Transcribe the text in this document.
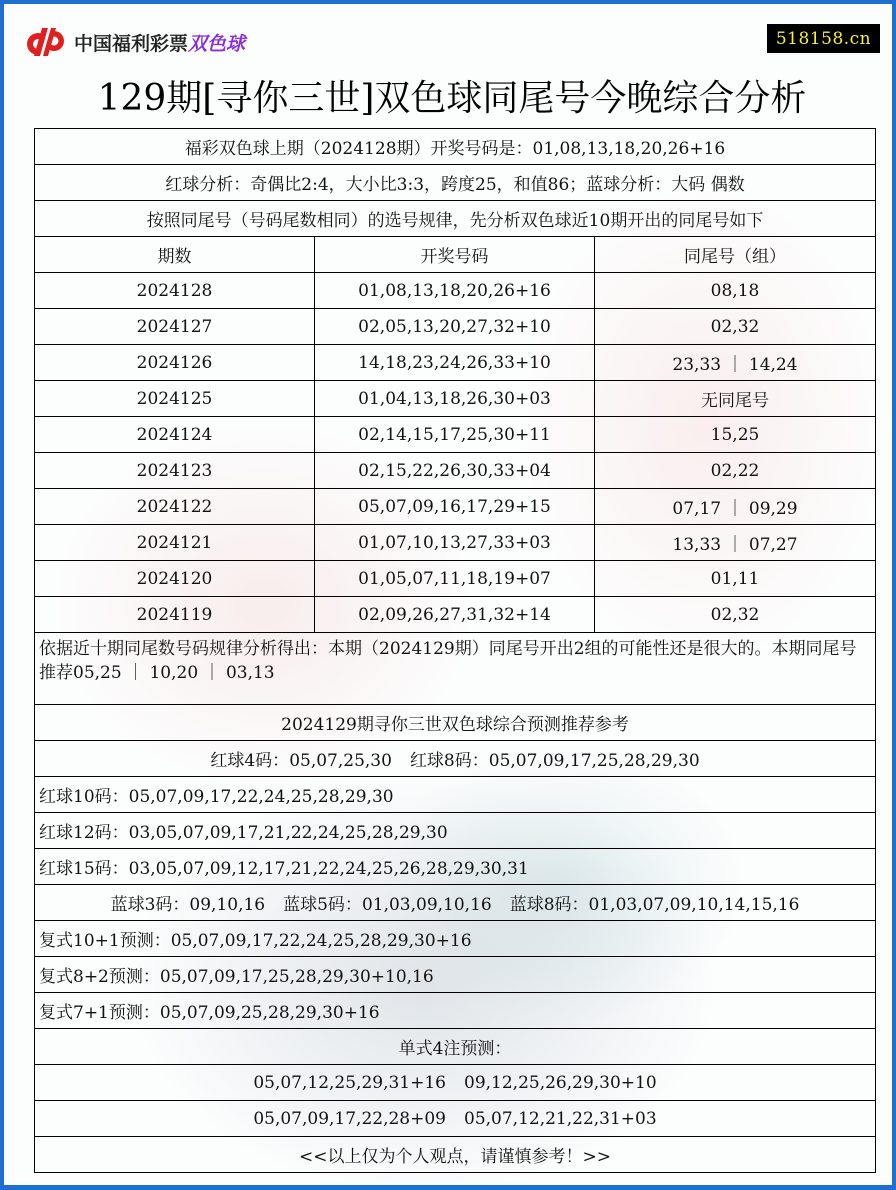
中国福利彩票 双色球	518158.cn
129期[寻你三世]双色球同尾号今晚综合分析
福彩双色球上期（2024128期）开奖号码是：01,08,13,18,20,26+16		
红球分析：奇偶比2:4，大小比3:3，跨度25，和值86；蓝球分析：大码 偶数		
按照同尾号（号码尾数相同）的选号规律，先分析双色球近10期开出的同尾号如下		
期数	开奖号码	同尾号（组）
2024128	01,08,13,18,20,26+16	08,18
2024127	02,05,13,20,27,32+10	02,32
2024126	14,18,23,24,26,33+10	23,33 ｜ 14,24
2024125	01,04,13,18,26,30+03	无同尾号
2024124	02,14,15,17,25,30+11	15,25
2024123	02,15,22,26,30,33+04	02,22
2024122	05,07,09,16,17,29+15	07,17 ｜ 09,29
2024121	01,07,10,13,27,33+03	13,33 ｜ 07,27
2024120	01,05,07,11,18,19+07	01,11
2024119	02,09,26,27,31,32+14	02,32
依据近十期同尾数号码规律分析得出：本期（2024129期）同尾号开出2组的可能性还是很大的。本期同尾号推荐05,25 ｜ 10,20 ｜ 03,13		
2024129期寻你三世双色球综合预测推荐参考		
红球4码：05,07,25,30 红球8码：05,07,09,17,25,28,29,30		
红球10码：05,07,09,17,22,24,25,28,29,30		
红球12码：03,05,07,09,17,21,22,24,25,28,29,30		
红球15码：03,05,07,09,12,17,21,22,24,25,26,28,29,30,31		
蓝球3码：09,10,16 蓝球5码：01,03,09,10,16 蓝球8码：01,03,07,09,10,14,15,16		
复式10+1预测：05,07,09,17,22,24,25,28,29,30+16		
复式8+2预测：05,07,09,17,25,28,29,30+10,16		
复式7+1预测：05,07,09,25,28,29,30+16		
单式4注预测：		
05,07,12,25,29,31+16 09,12,25,26,29,30+10		
05,07,09,17,22,28+09 05,07,12,21,22,31+03		
<<以上仅为个人观点，请谨慎参考！>>		
